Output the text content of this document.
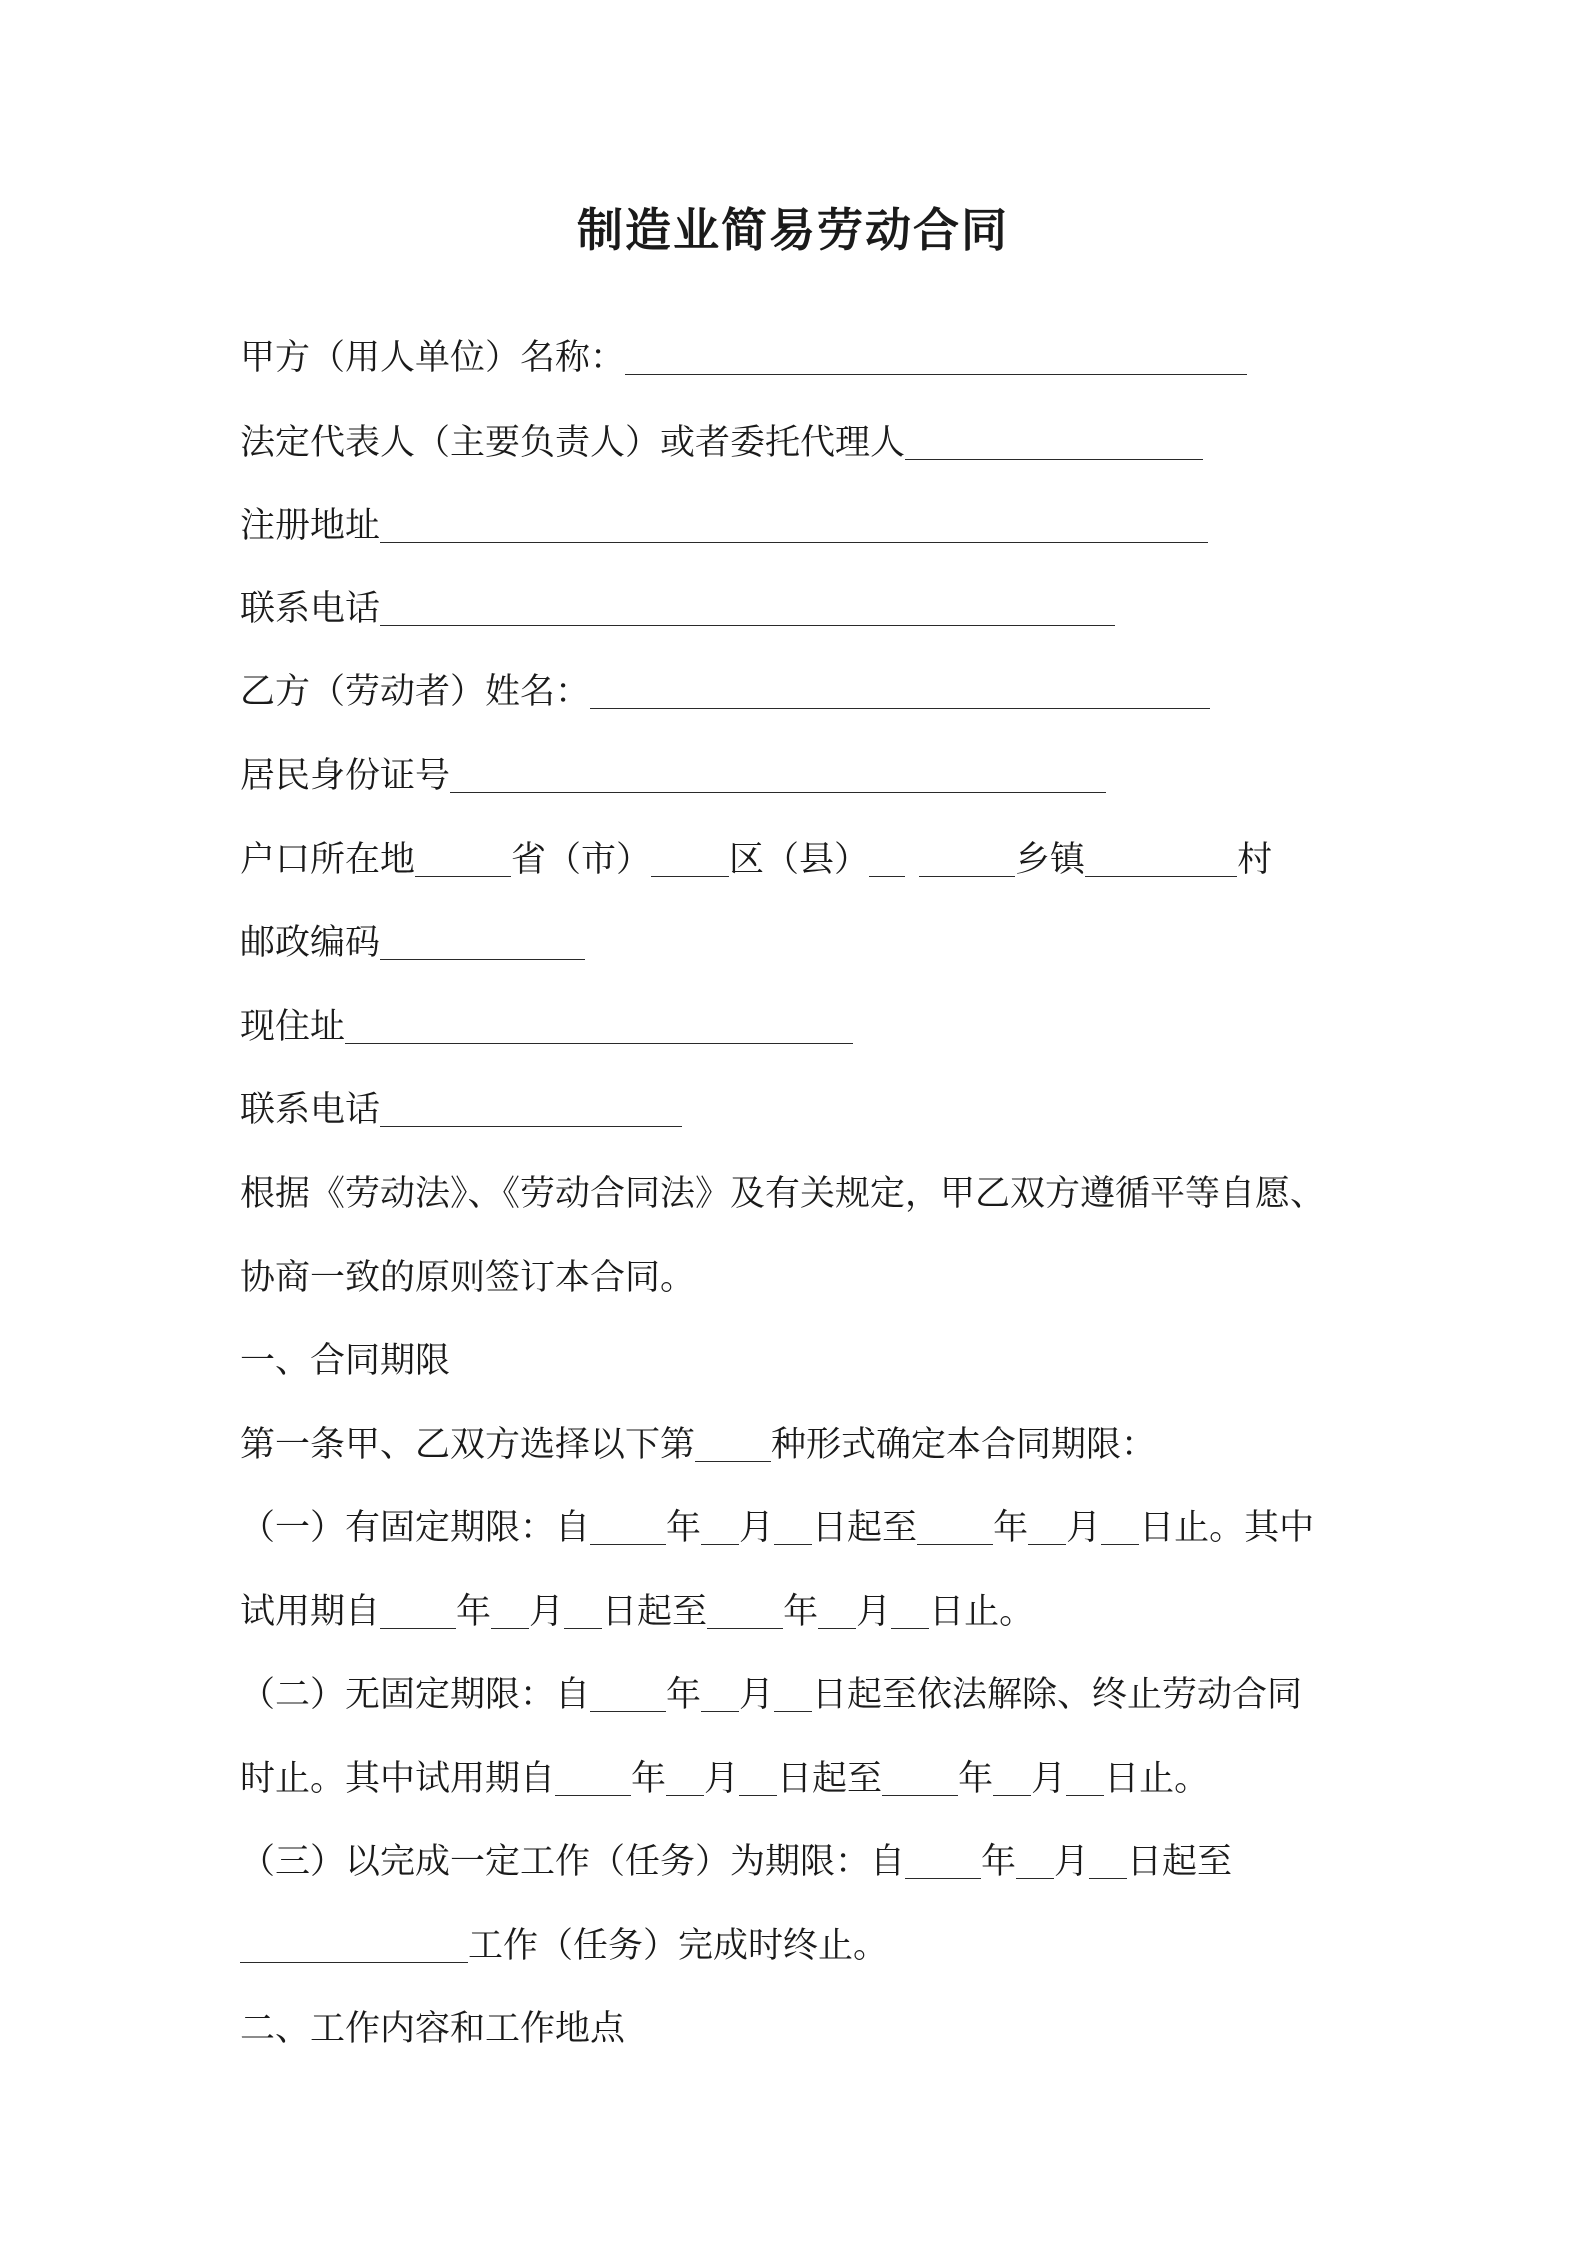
制造业简易劳动合同
甲方（用人单位）名称：
法定代表人（主要负责人）或者委托代理人
注册地址
联系电话
乙方（劳动者）姓名：
居民身份证号
户口所在地	省（市） 区（县）	乡镇	村
邮政编码
现住址
联系电话
根据《劳动法》、《劳动合同法》及有关规定，甲乙双方遵循平等自愿、
协商一致的原则签订本合同。
一、合同期限
第一条甲、乙双方选择以下第 种形式确定本合同期限：
（一）有固定期限：自 年 月 日起至 年 月 日止。其中
试用期自 年 月 日起至 年 月 日止。
（二）无固定期限：自 年 月 日起至依法解除、终止劳动合同
时止。其中试用期自 年 月 日起至 年 月 日止。
（三）以完成一定工作（任务）为期限：自 年 月 日起至
工作（任务）完成时终止。
二、工作内容和工作地点
